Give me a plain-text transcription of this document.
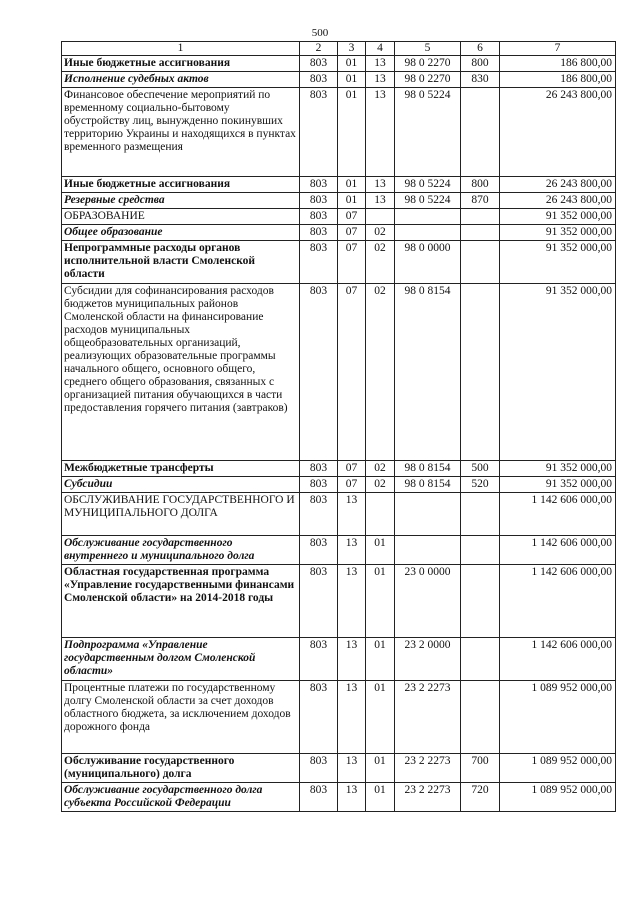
500
1	2	3	4	5	6	7
Иные бюджетные ассигнования	803	01	13	98 0 2270	800	186 800,00
Исполнение судебных актов	803	01	13	98 0 2270	830	186 800,00
Финансовое обеспечение мероприятий по временному социально-бытовому обустройству лиц, вынужденно покинувших территорию Украины и находящихся в пунктах временного размещения	803	01	13	98 0 5224		26 243 800,00
Иные бюджетные ассигнования	803	01	13	98 0 5224	800	26 243 800,00
Резервные средства	803	01	13	98 0 5224	870	26 243 800,00
ОБРАЗОВАНИЕ	803	07				91 352 000,00
Общее образование	803	07	02			91 352 000,00
Непрограммные расходы органов исполнительной власти Смоленской области	803	07	02	98 0 0000		91 352 000,00
Субсидии для софинансирования расходов бюджетов муниципальных районов Смоленской области на финансирование расходов муниципальных общеобразовательных организаций, реализующих образовательные программы начального общего, основного общего, среднего общего образования, связанных с организацией питания обучающихся в части предоставления горячего питания (завтраков)	803	07	02	98 0 8154		91 352 000,00
Межбюджетные трансферты	803	07	02	98 0 8154	500	91 352 000,00
Субсидии	803	07	02	98 0 8154	520	91 352 000,00
ОБСЛУЖИВАНИЕ ГОСУДАРСТВЕННОГО И МУНИЦИПАЛЬНОГО ДОЛГА	803	13				1 142 606 000,00
Обслуживание государственного внутреннего и муниципального долга	803	13	01			1 142 606 000,00
Областная государственная программа «Управление государственными финансами Смоленской области» на 2014-2018 годы	803	13	01	23 0 0000		1 142 606 000,00
Подпрограмма «Управление государственным долгом Смоленской области»	803	13	01	23 2 0000		1 142 606 000,00
Процентные платежи по государственному долгу Смоленской области за счет доходов областного бюджета, за исключением доходов дорожного фонда	803	13	01	23 2 2273		1 089 952 000,00
Обслуживание государственного (муниципального) долга	803	13	01	23 2 2273	700	1 089 952 000,00
Обслуживание государственного долга субъекта Российской Федерации	803	13	01	23 2 2273	720	1 089 952 000,00
